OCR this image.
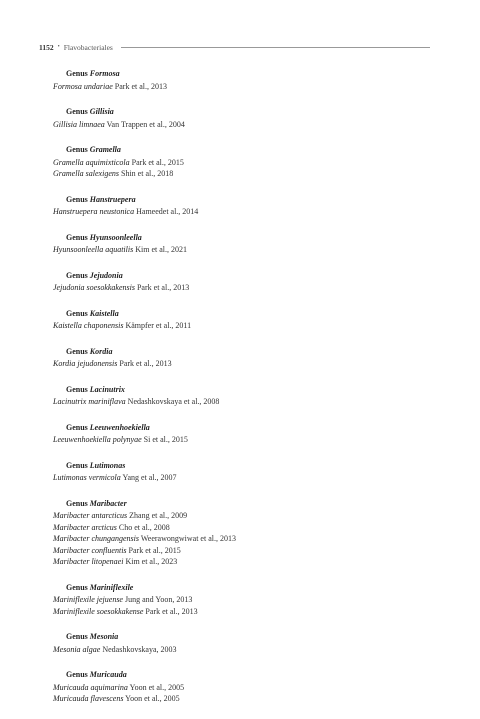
1152 • Flavobacteriales
Genus Formosa
Formosa undariae Park et al., 2013
Genus Gillisia
Gillisia limnaea Van Trappen et al., 2004
Genus Gramella
Gramella aquimixticola Park et al., 2015
Gramella salexigens Shin et al., 2018
Genus Hanstruepera
Hanstruepera neustonica Hameedet al., 2014
Genus Hyunsoonleella
Hyunsoonleella aquatilis Kim et al., 2021
Genus Jejudonia
Jejudonia soesokkakensis Park et al., 2013
Genus Kaistella
Kaistella chaponensis Kämpfer et al., 2011
Genus Kordia
Kordia jejudonensis Park et al., 2013
Genus Lacinutrix
Lacinutrix mariniflava Nedashkovskaya et al., 2008
Genus Leeuwenhoekiella
Leeuwenhoekiella polynyae Si et al., 2015
Genus Lutimonas
Lutimonas vermicola Yang et al., 2007
Genus Maribacter
Maribacter antarcticus Zhang et al., 2009
Maribacter arcticus Cho et al., 2008
Maribacter chungangensis Weerawongwiwat et al., 2013
Maribacter confluentis Park et al., 2015
Maribacter litopenaei Kim et al., 2023
Genus Mariniflexile
Mariniflexile jejuense Jung and Yoon, 2013
Mariniflexile soesokkakense Park et al., 2013
Genus Mesonia
Mesonia algae Nedashkovskaya, 2003
Genus Muricauda
Muricauda aquimarina Yoon et al., 2005
Muricauda flavescens Yoon et al., 2005
